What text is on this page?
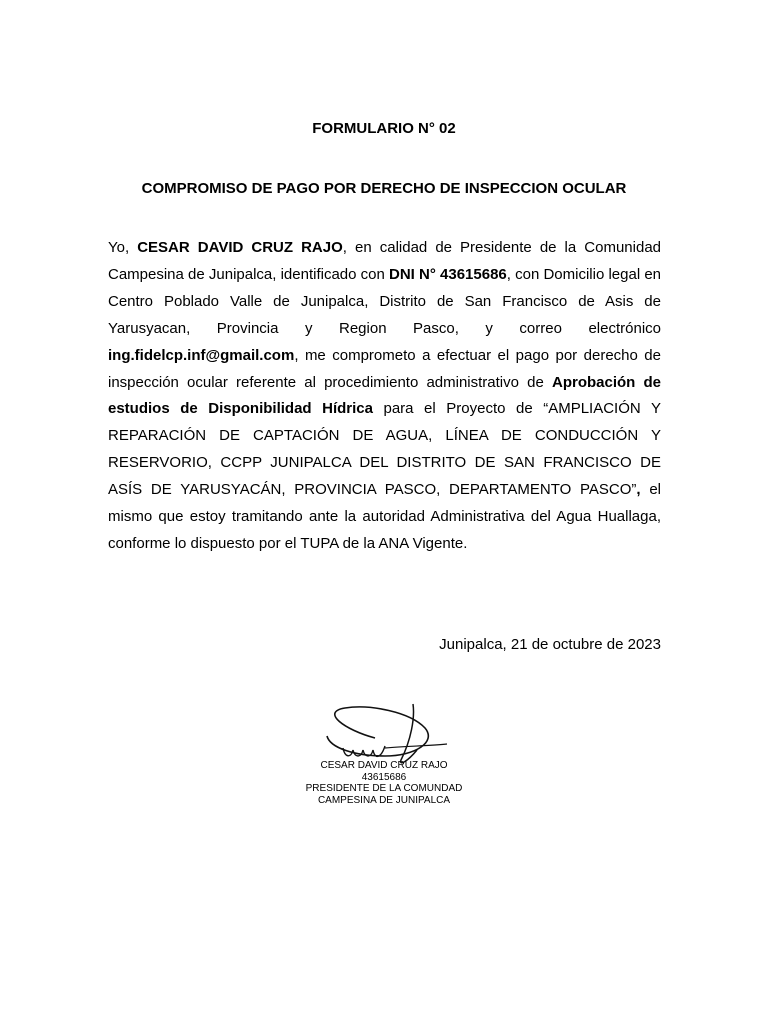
FORMULARIO N° 02
COMPROMISO DE PAGO POR DERECHO DE INSPECCION OCULAR

Yo, CESAR DAVID CRUZ RAJO, en calidad de Presidente de la Comunidad Campesina de Junipalca, identificado con DNI N° 43615686, con Domicilio legal en Centro Poblado Valle de Junipalca, Distrito de San Francisco de Asis de Yarusyacan, Provincia y Region Pasco, y correo electrónico ing.fidelcp.inf@gmail.com, me comprometo a efectuar el pago por derecho de inspección ocular referente al procedimiento administrativo de Aprobación de estudios de Disponibilidad Hídrica para el Proyecto de “AMPLIACIÓN Y REPARACIÓN DE CAPTACIÓN DE AGUA, LÍNEA DE CONDUCCIÓN Y RESERVORIO, CCPP JUNIPALCA DEL DISTRITO DE SAN FRANCISCO DE ASÍS DE YARUSYACÁN, PROVINCIA PASCO, DEPARTAMENTO PASCO”, el mismo que estoy tramitando ante la autoridad Administrativa del Agua Huallaga, conforme lo dispuesto por el TUPA de la ANA Vigente.

Junipalca, 21 de octubre de 2023
CESAR DAVID CRUZ RAJO
43615686
PRESIDENTE DE LA COMUNDAD
CAMPESINA DE JUNIPALCA
